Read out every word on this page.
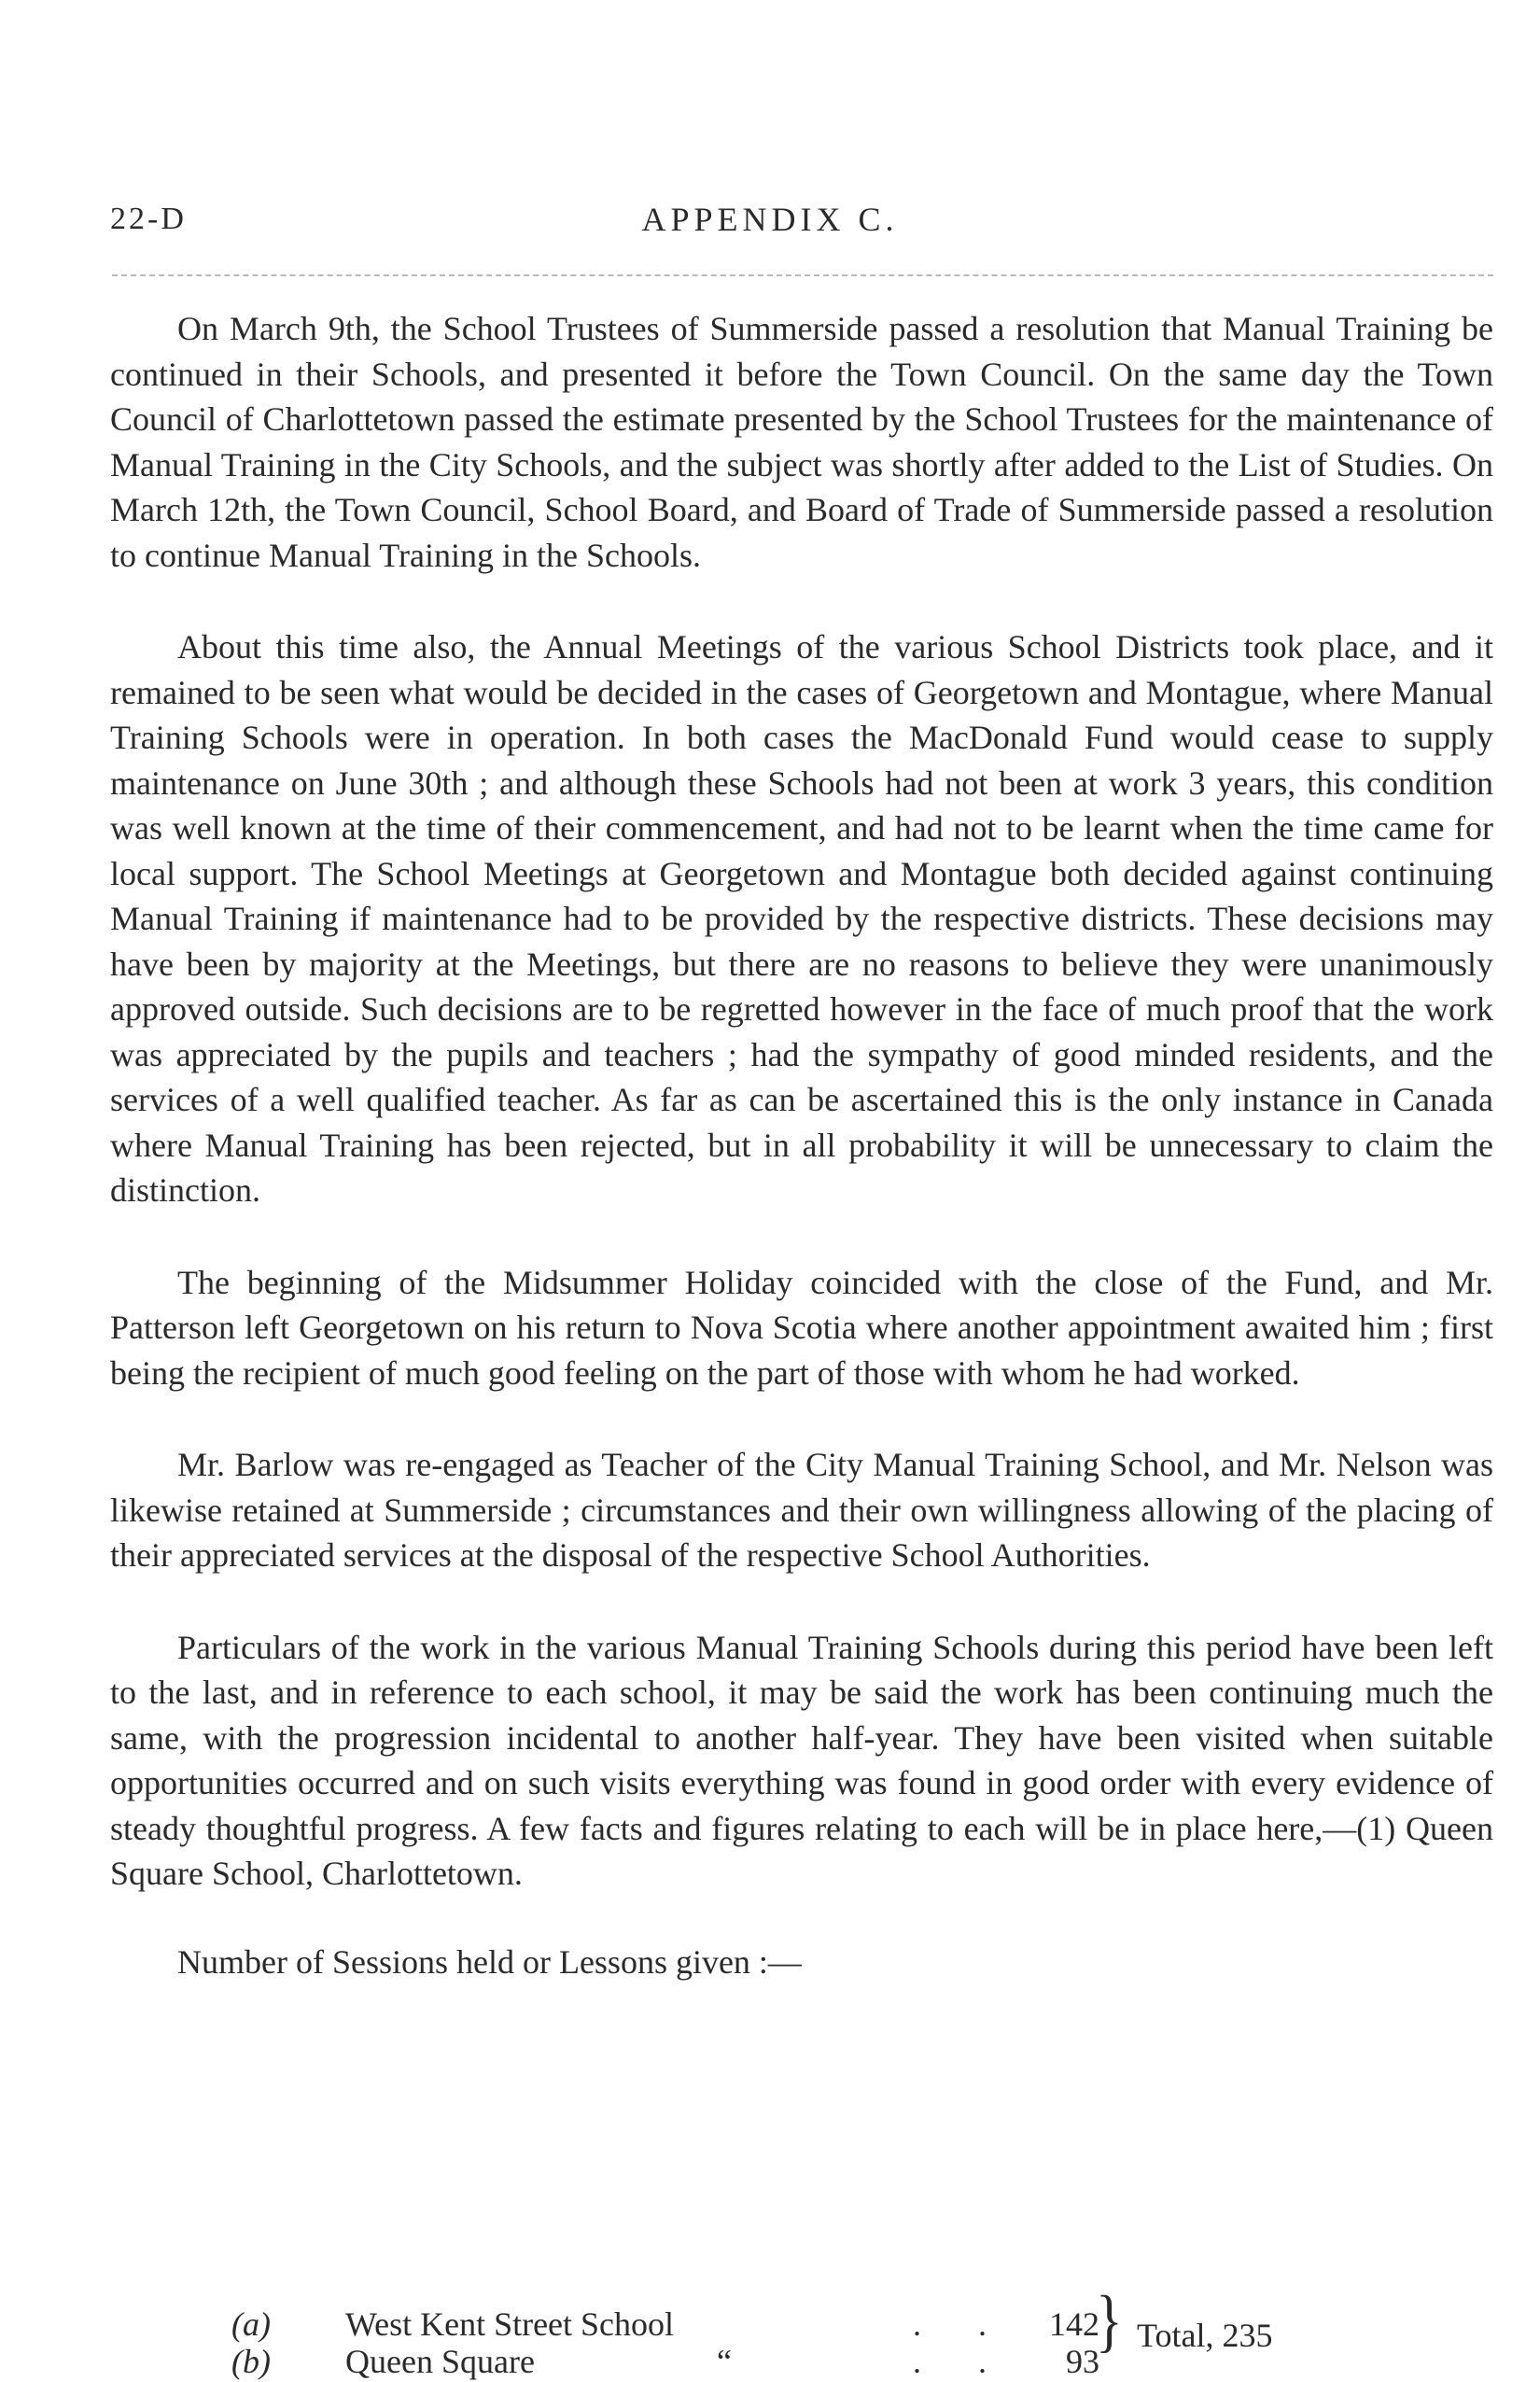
22-D	APPENDIX C.

On March 9th, the School Trustees of Summerside passed a resolution that Manual Training be continued in their Schools, and presented it before the Town Council. On the same day the Town Council of Charlottetown passed the estimate presented by the School Trustees for the maintenance of Manual Training in the City Schools, and the subject was shortly after added to the List of Studies. On March 12th, the Town Council, School Board, and Board of Trade of Summerside passed a resolution to continue Manual Training in the Schools.

About this time also, the Annual Meetings of the various School Districts took place, and it remained to be seen what would be decided in the cases of Georgetown and Montague, where Manual Training Schools were in operation. In both cases the MacDonald Fund would cease to supply maintenance on June 30th ; and although these Schools had not been at work 3 years, this condition was well known at the time of their commencement, and had not to be learnt when the time came for local support. The School Meetings at Georgetown and Montague both decided against continuing Manual Training if maintenance had to be provided by the respective districts. These decisions may have been by majority at the Meetings, but there are no reasons to believe they were unanimously approved outside. Such decisions are to be regretted however in the face of much proof that the work was appreciated by the pupils and teachers ; had the sympathy of good minded residents, and the services of a well qualified teacher. As far as can be ascertained this is the only instance in Canada where Manual Training has been rejected, but in all probability it will be unnecessary to claim the distinction.

The beginning of the Midsummer Holiday coincided with the close of the Fund, and Mr. Patterson left Georgetown on his return to Nova Scotia where another appointment awaited him ; first being the recipient of much good feeling on the part of those with whom he had worked.

Mr. Barlow was re-engaged as Teacher of the City Manual Training School, and Mr. Nelson was likewise retained at Summerside ; circumstances and their own willingness allowing of the placing of their appreciated services at the disposal of the respective School Authorities.

Particulars of the work in the various Manual Training Schools during this period have been left to the last, and in reference to each school, it may be said the work has been continuing much the same, with the progression incidental to another half-year. They have been visited when suitable opportunities occurred and on such visits everything was found in good order with every evidence of steady thoughtful progress. A few facts and figures relating to each will be in place here,—(1) Queen Square School, Charlottetown.

Number of Sessions held or Lessons given :—

(a) West Kent Street School	. .	142
(b) Queen Square	“	. .	93
} Total, 235
